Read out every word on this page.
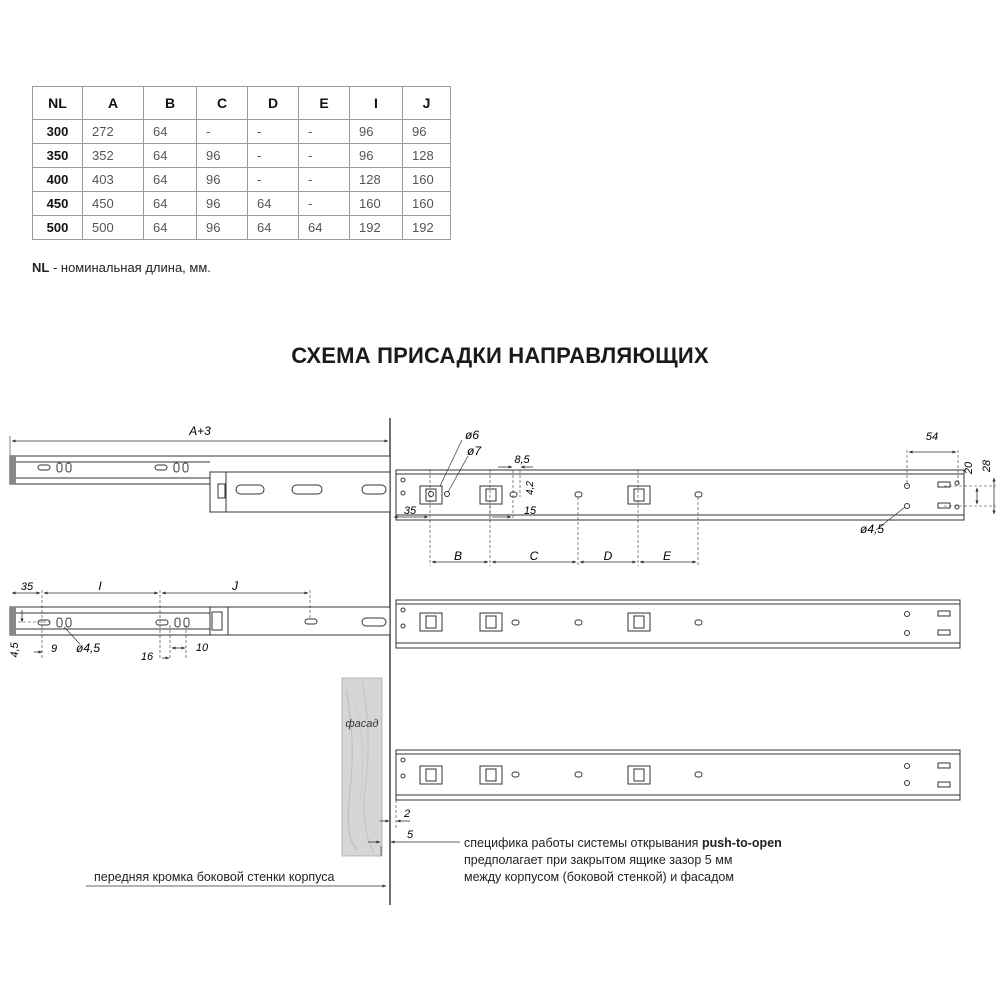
NL	A	B	C	D	E	I	J
300	272	64	-	-	-	96	96
350	352	64	96	-	-	96	128
400	403	64	96	-	-	128	160
450	450	64	96	64	-	160	160
500	500	64	96	64	64	192	192
NL - номинальная длина, мм.
СХЕМА ПРИСАДКИ НАПРАВЛЯЮЩИХ
A+3
B	C	D	E
35	15
8,5
4,2
ø6
ø7
54
20 28
ø4,5
35	I	J
4,5	9 ø4,5
16
10
фасад
2
5
специфика работы системы открывания push-to-open
предполагает при закрытом ящике зазор 5 мм
между корпусом (боковой стенкой) и фасадом
передняя кромка боковой стенки корпуса
